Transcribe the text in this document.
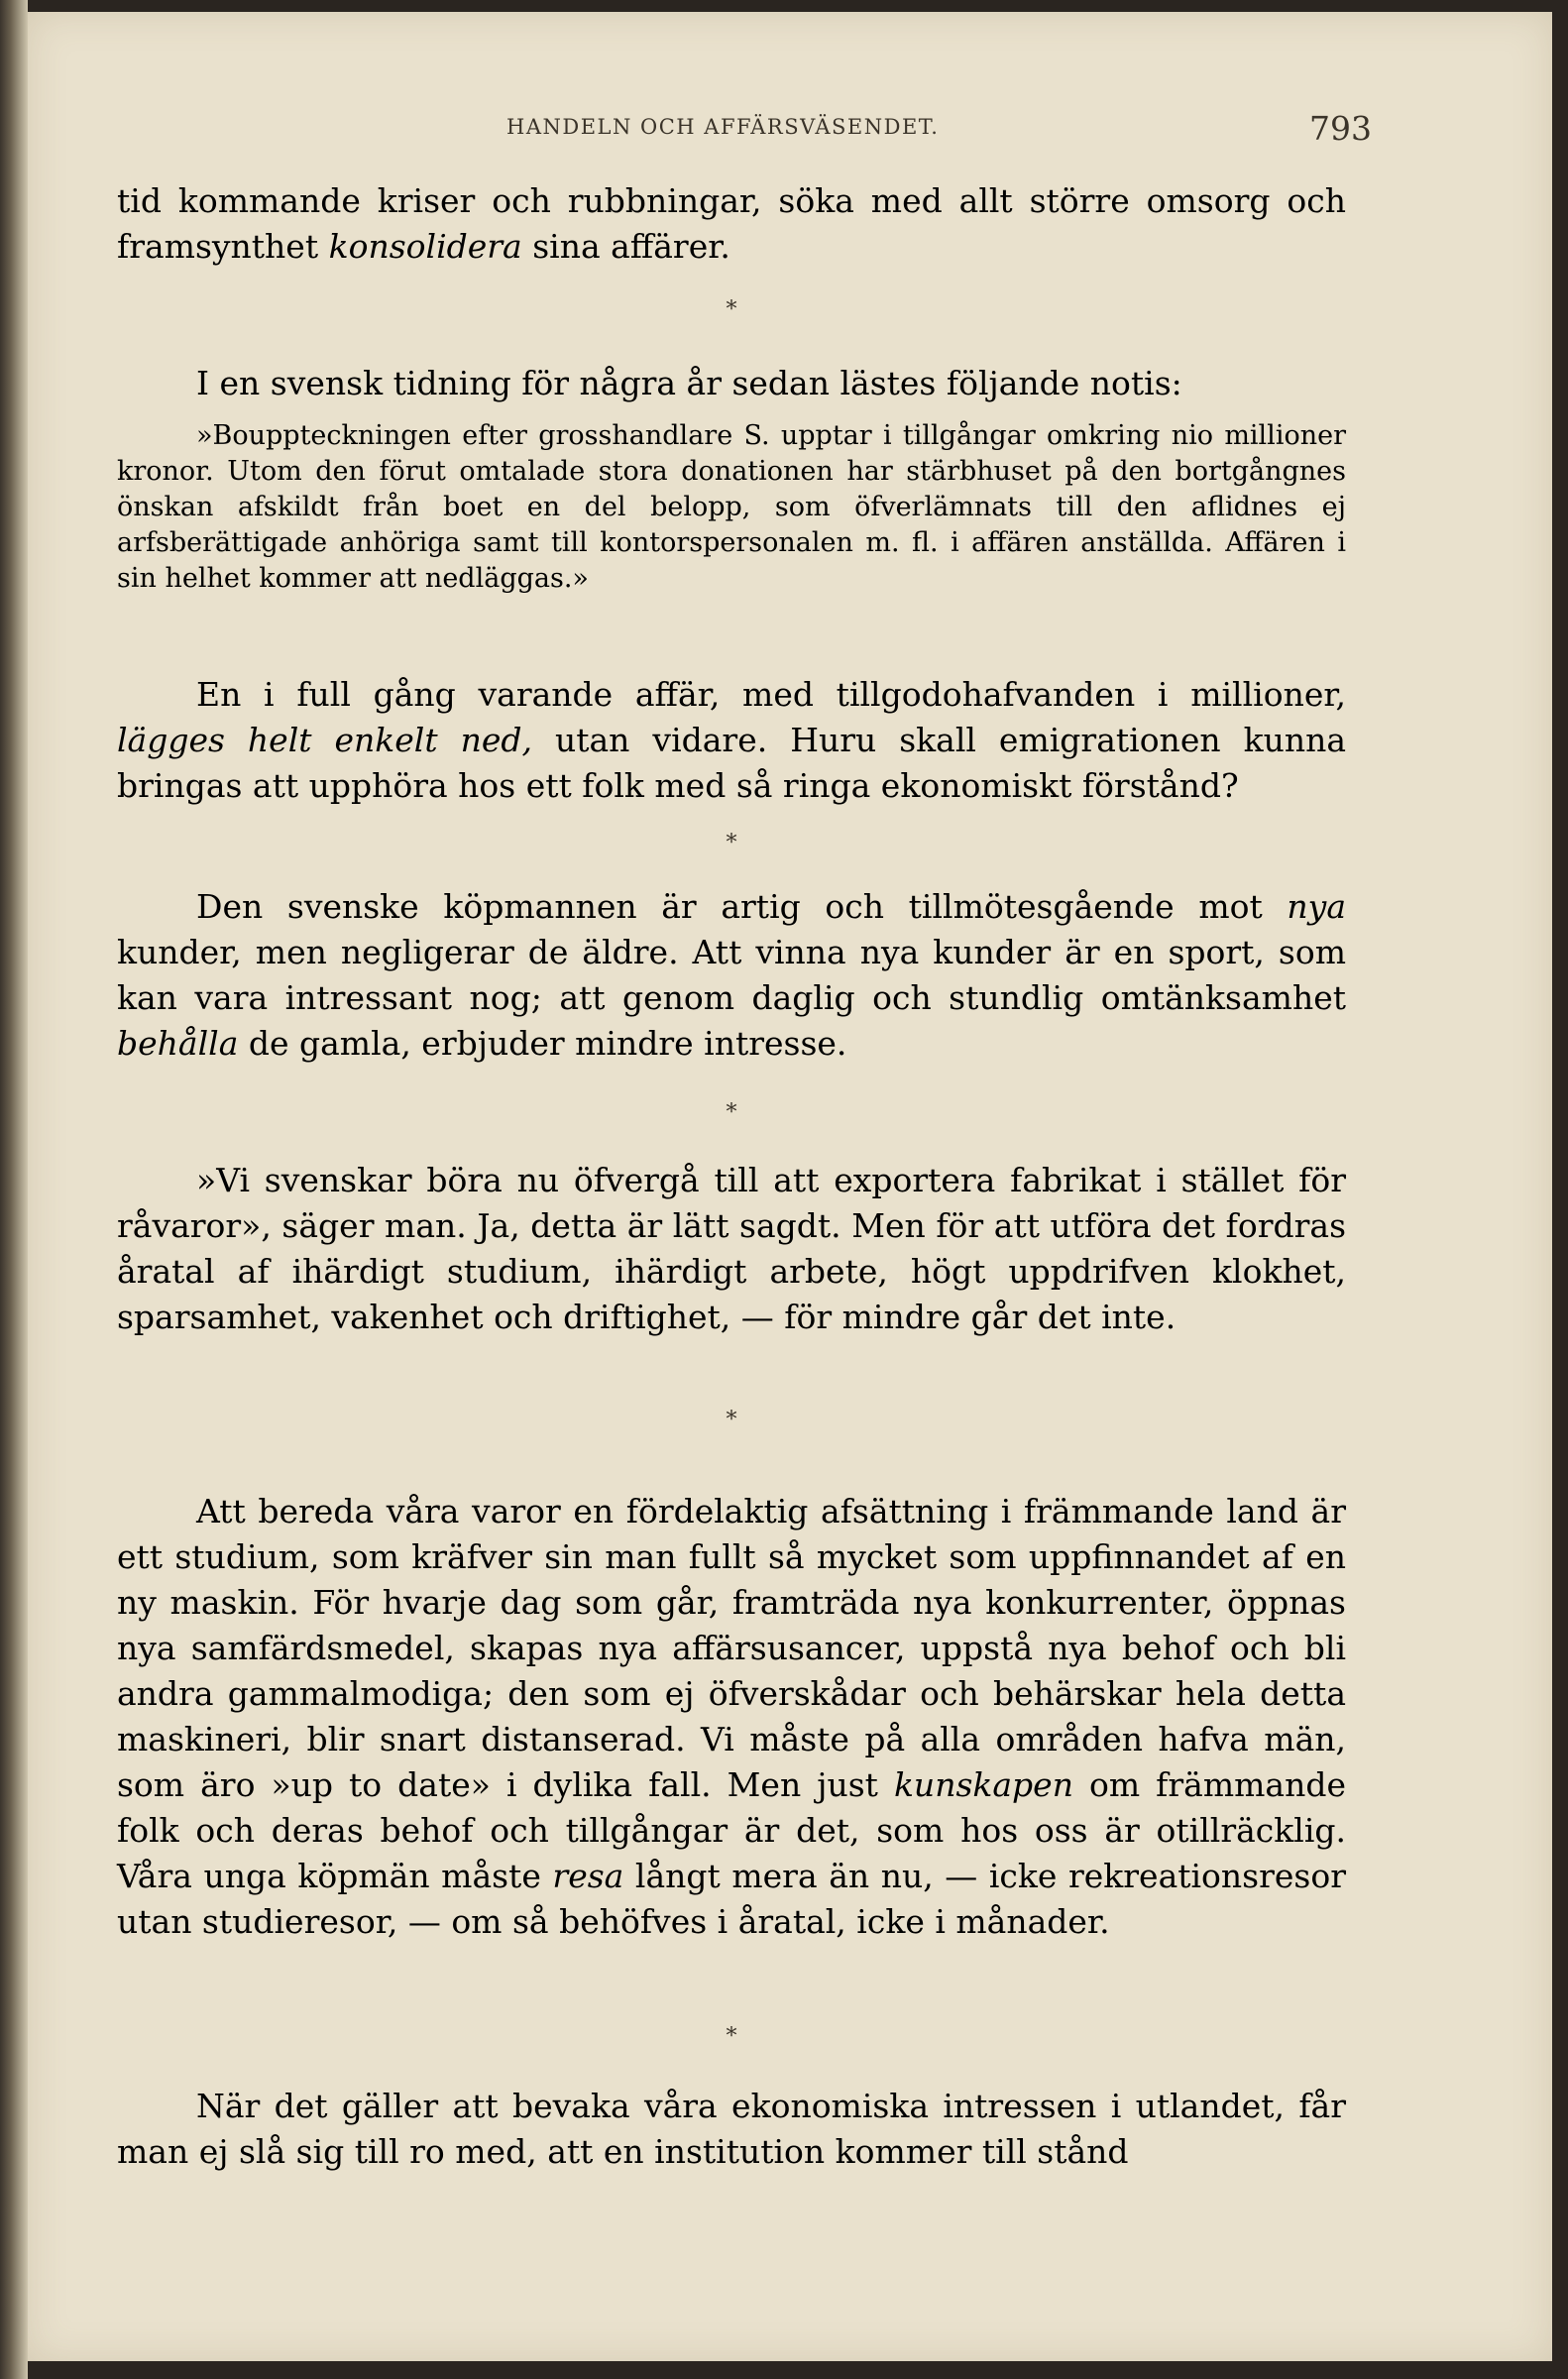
HANDELN OCH AFFÄRSVÄSENDET.	793

tid kommande kriser och rubbningar, söka med allt större omsorg och framsynthet konsolidera sina affärer.

*

I en svensk tidning för några år sedan lästes följande notis:

»Bouppteckningen efter grosshandlare S. upptar i tillgångar omkring nio millioner kronor. Utom den förut omtalade stora donationen har stärbhuset på den bortgångnes önskan afskildt från boet en del belopp, som öfverlämnats till den aflidnes ej arfsberättigade anhöriga samt till kontorspersonalen m. fl. i affären anställda. Affären i sin helhet kommer att nedläggas.»

En i full gång varande affär, med tillgodohafvanden i millioner, lägges helt enkelt ned, utan vidare. Huru skall emigrationen kunna bringas att upphöra hos ett folk med så ringa ekonomiskt förstånd?

*

Den svenske köpmannen är artig och tillmötesgående mot nya kunder, men negligerar de äldre. Att vinna nya kunder är en sport, som kan vara intressant nog; att genom daglig och stundlig omtänksamhet behålla de gamla, erbjuder mindre intresse.

*

»Vi svenskar böra nu öfvergå till att exportera fabrikat i stället för råvaror», säger man. Ja, detta är lätt sagdt. Men för att utföra det fordras åratal af ihärdigt studium, ihärdigt arbete, högt uppdrifven klokhet, sparsamhet, vakenhet och driftighet, — för mindre går det inte.

*

Att bereda våra varor en fördelaktig afsättning i främmande land är ett studium, som kräfver sin man fullt så mycket som uppfinnandet af en ny maskin. För hvarje dag som går, framträda nya konkurrenter, öppnas nya samfärdsmedel, skapas nya affärsusancer, uppstå nya behof och bli andra gammalmodiga; den som ej öfverskådar och behärskar hela detta maskineri, blir snart distanserad. Vi måste på alla områden hafva män, som äro »up to date» i dylika fall. Men just kunskapen om främmande folk och deras behof och tillgångar är det, som hos oss är otillräcklig. Våra unga köpmän måste resa långt mera än nu, — icke rekreationsresor utan studieresor, — om så behöfves i åratal, icke i månader.

*

När det gäller att bevaka våra ekonomiska intressen i utlandet, får man ej slå sig till ro med, att en institution kommer till stånd
